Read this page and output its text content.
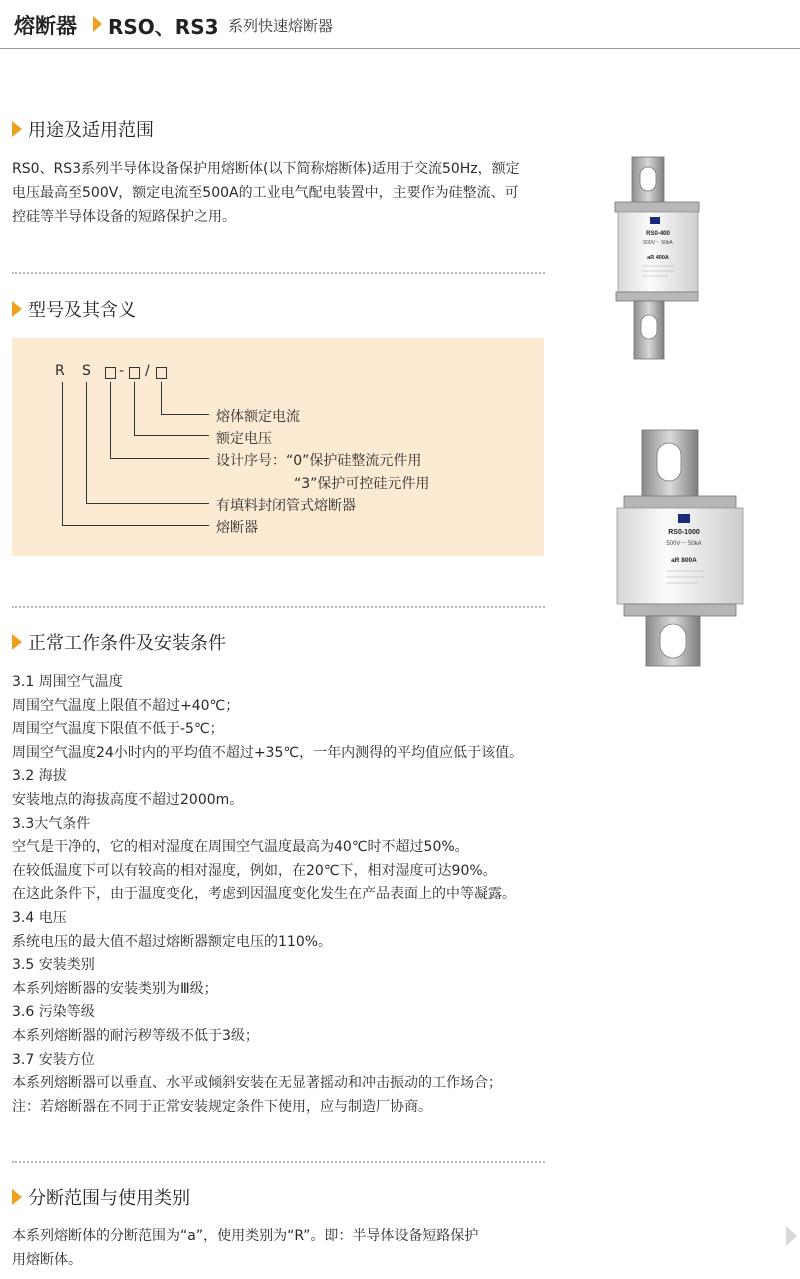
熔断器 RSO、RS3 系列快速熔断器
用途及适用范围

RS0、RS3系列半导体设备保护用熔断体(以下简称熔断体)适用于交流50Hz，额定

电压最高至500V，额定电流至500A的工业电气配电装置中，主要作为硅整流、可

控硅等半导体设备的短路保护之用。

型号及其含义
R S - /
熔体额定电流
额定电压
设计序号：“0”保护硅整流元件用
“3”保护可控硅元件用
有填料封闭管式熔断器
熔断器
正常工作条件及安装条件

3.1 周围空气温度

周围空气温度上限值不超过+40℃；

周围空气温度下限值不低于-5℃；

周围空气温度24小时内的平均值不超过+35℃，一年内测得的平均值应低于该值。

3.2 海拔

安装地点的海拔高度不超过2000m。

3.3大气条件

空气是干净的，它的相对湿度在周围空气温度最高为40℃时不超过50%。

在较低温度下可以有较高的相对湿度，例如，在20℃下，相对湿度可达90%。

在这此条件下，由于温度变化，考虑到因温度变化发生在产品表面上的中等凝露。

3.4 电压

系统电压的最大值不超过熔断器额定电压的110%。

3.5 安装类别

本系列熔断器的安装类别为Ⅲ级；

3.6 污染等级

本系列熔断器的耐污秽等级不低于3级；

3.7 安装方位

本系列熔断器可以垂直、水平或倾斜安装在无显著摇动和冲击振动的工作场合；

注：若熔断器在不同于正常安装规定条件下使用，应与制造厂协商。

分断范围与使用类别

本系列熔断体的分断范围为“a”，使用类别为“R”。即：半导体设备短路保护

用熔断体。

RS0-400
500V～ 50kA
aR 400A
RS0-1000
500V～ 50kA
aR 800A
